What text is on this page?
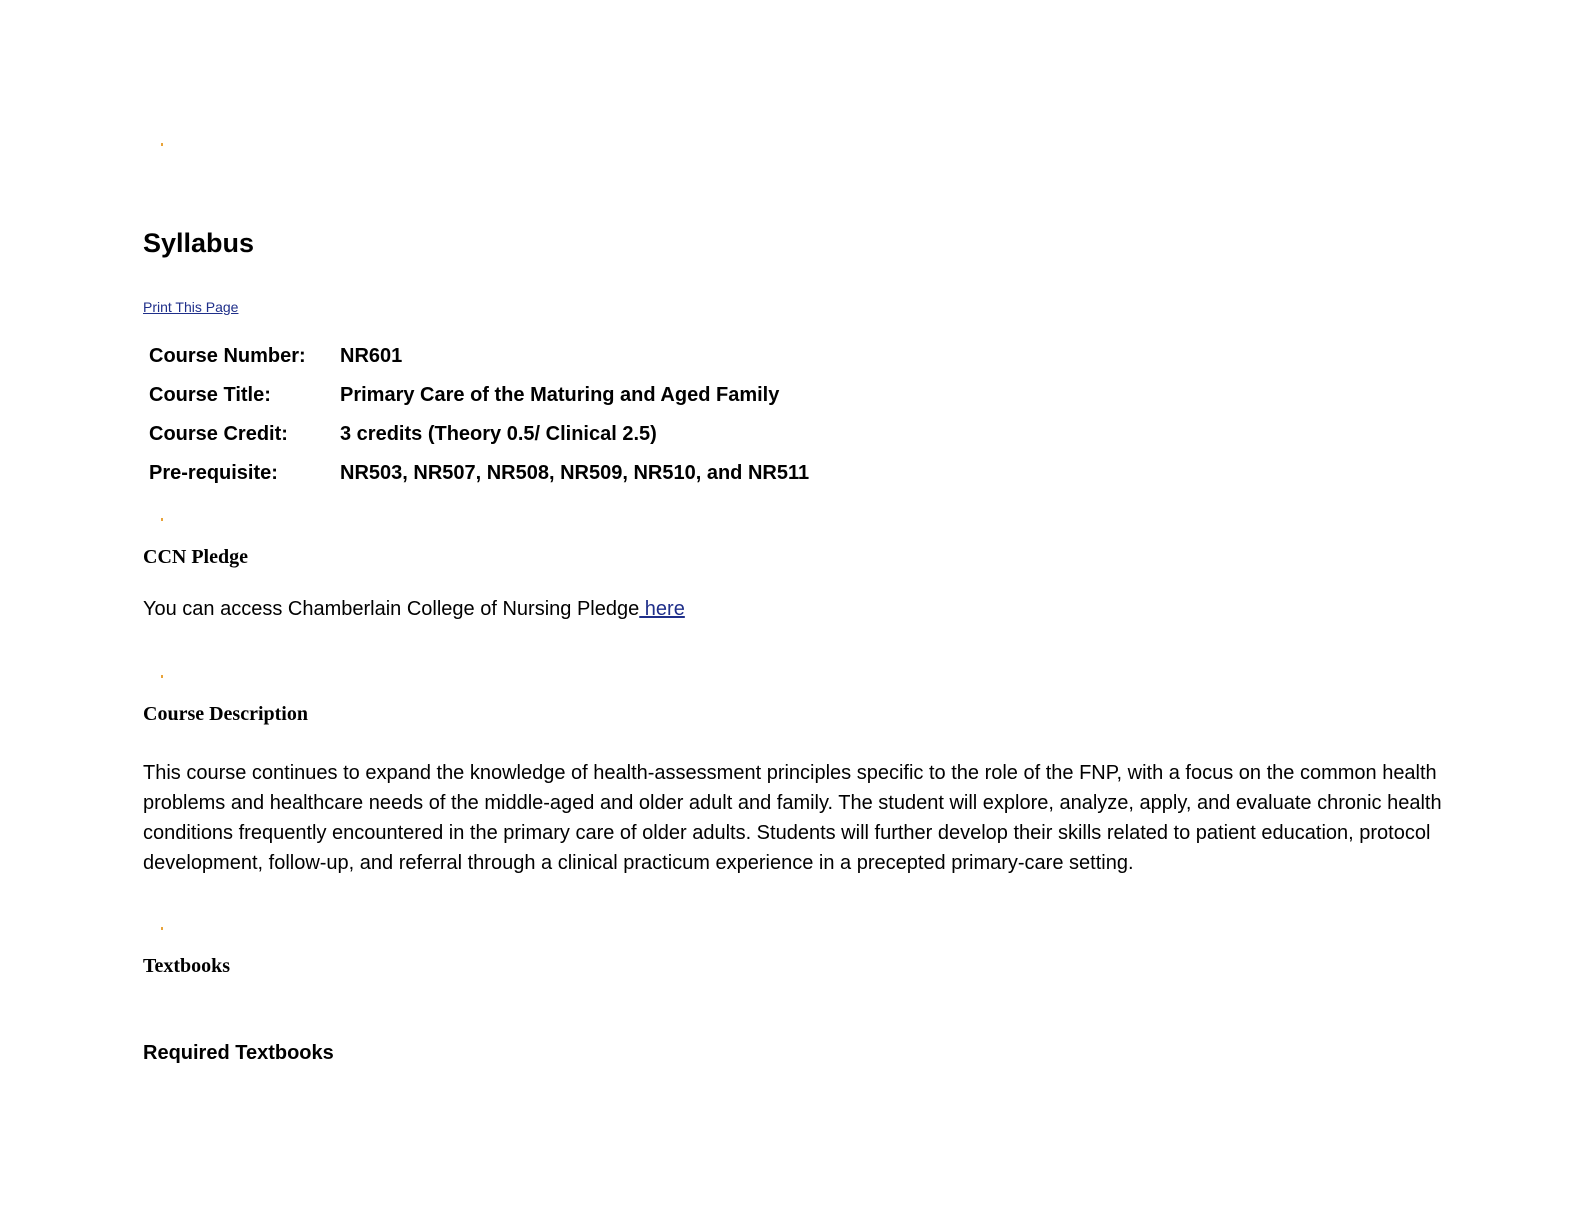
Syllabus
Print This Page
Course Number:	NR601
Course Title:	Primary Care of the Maturing and Aged Family
Course Credit:	3 credits (Theory 0.5/ Clinical 2.5)
Pre-requisite:	NR503, NR507, NR508, NR509, NR510, and NR511
CCN Pledge

You can access Chamberlain College of Nursing Pledge here

Course Description

This course continues to expand the knowledge of health-assessment principles specific to the role of the FNP, with a focus on the common health problems and healthcare needs of the middle-aged and older adult and family. The student will explore, analyze, apply, and evaluate chronic health conditions frequently encountered in the primary care of older adults. Students will further develop their skills related to patient education, protocol development, follow-up, and referral through a clinical practicum experience in a precepted primary-care setting.

Textbooks
Required Textbooks
